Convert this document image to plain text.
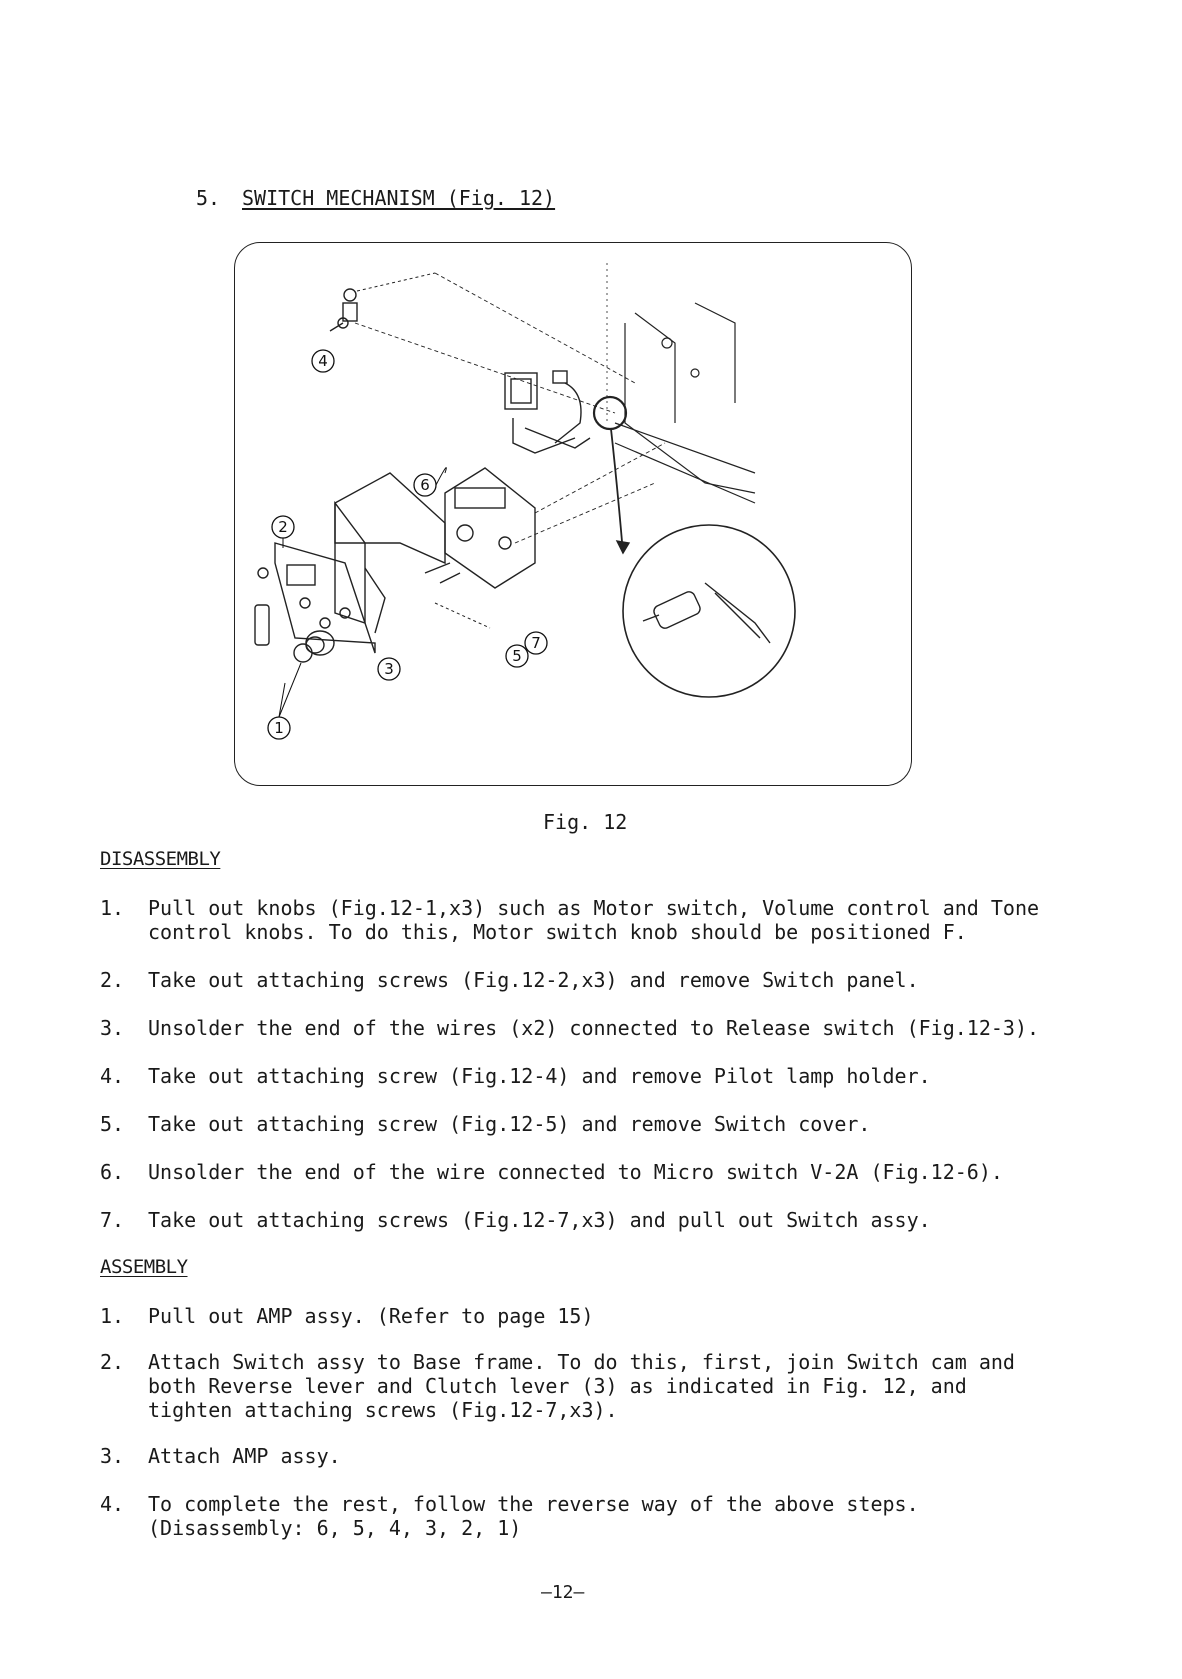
5. SWITCH MECHANISM (Fig. 12)
4
6
2
3
5
7
1
Fig. 12
DISASSEMBLY
1. Pull out knobs (Fig.12-1,x3) such as Motor switch, Volume control and Tone
control knobs. To do this, Motor switch knob should be positioned F.
2. Take out attaching screws (Fig.12-2,x3) and remove Switch panel.
3. Unsolder the end of the wires (x2) connected to Release switch (Fig.12-3).
4. Take out attaching screw (Fig.12-4) and remove Pilot lamp holder.
5. Take out attaching screw (Fig.12-5) and remove Switch cover.
6. Unsolder the end of the wire connected to Micro switch V-2A (Fig.12-6).
7. Take out attaching screws (Fig.12-7,x3) and pull out Switch assy.
ASSEMBLY
1. Pull out AMP assy. (Refer to page 15)
2. Attach Switch assy to Base frame. To do this, first, join Switch cam and
both Reverse lever and Clutch lever (3) as indicated in Fig. 12, and
tighten attaching screws (Fig.12-7,x3).
3. Attach AMP assy.
4. To complete the rest, follow the reverse way of the above steps.
(Disassembly: 6, 5, 4, 3, 2, 1)
—12—
